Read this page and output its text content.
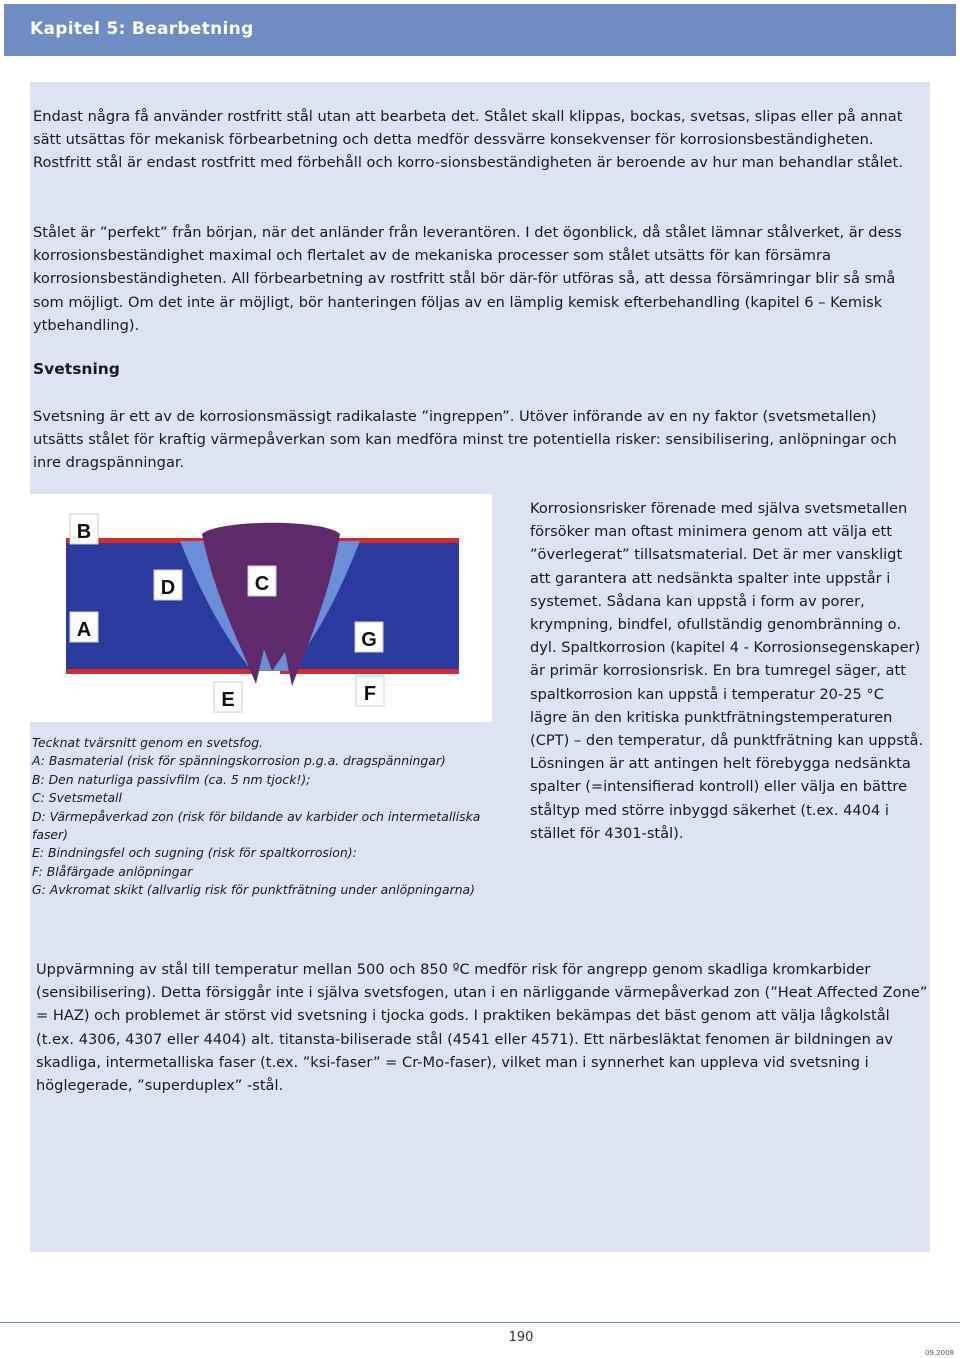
Kapitel 5: Bearbetning

Endast några få använder rostfritt stål utan att bearbeta det. Stålet skall klippas, bockas, svetsas, slipas eller på annat sätt utsättas för mekanisk förbearbetning och detta medför dessvärre konsekvenser för korrosionsbeständigheten. Rostfritt stål är endast rostfritt med förbehåll och korro-sionsbeständigheten är beroende av hur man behandlar stålet.

Stålet är ”perfekt” från början, när det anländer från leverantören. I det ögonblick, då stålet lämnar stålverket, är dess korrosionsbeständighet maximal och flertalet av de mekaniska processer som stålet utsätts för kan försämra korrosionsbeständigheten. All förbearbetning av rostfritt stål bör där-för utföras så, att dessa försämringar blir så små som möjligt. Om det inte är möjligt, bör hanteringen följas av en lämplig kemisk efterbehandling (kapitel 6 – Kemisk ytbehandling).

Svetsning

Svetsning är ett av de korrosionsmässigt radikalaste ”ingreppen”. Utöver införande av en ny faktor (svetsmetallen) utsätts stålet för kraftig värmepåverkan som kan medföra minst tre potentiella risker: sensibilisering, anlöpningar och inre dragspänningar.

B
A
D	C
G
E	F
Tecknat tvärsnitt genom en svetsfog.
A: Basmaterial (risk för spänningskorrosion p.g.a. dragspänningar)
B: Den naturliga passivfilm (ca. 5 nm tjock!);
C: Svetsmetall
D: Värmepåverkad zon (risk för bildande av karbider och intermetalliska faser)
E: Bindningsfel och sugning (risk för spaltkorrosion):
F: Blåfärgade anlöpningar
G: Avkromat skikt (allvarlig risk för punktfrätning under anlöpningarna)

Korrosionsrisker förenade med själva svetsmetallen försöker man oftast minimera genom att välja ett ”överlegerat” tillsatsmaterial. Det är mer vanskligt att garantera att nedsänkta spalter inte uppstår i systemet. Sådana kan uppstå i form av porer, krympning, bindfel, ofullständig genombränning o. dyl. Spaltkorrosion (kapitel 4 - Korrosionsegenskaper) är primär korrosionsrisk. En bra tumregel säger, att spaltkorrosion kan uppstå i temperatur 20-25 °C lägre än den kritiska punktfrätningstemperaturen (CPT) – den temperatur, då punktfrätning kan uppstå. Lösningen är att antingen helt förebygga nedsänkta spalter (=intensifierad kontroll) eller välja en bättre ståltyp med större inbyggd säkerhet (t.ex. 4404 i stället för 4301-stål).

Uppvärmning av stål till temperatur mellan 500 och 850 ºC medför risk för angrepp genom skadliga kromkarbider (sensibilisering). Detta försiggår inte i själva svetsfogen, utan i en närliggande värmepåverkad zon (”Heat Affected Zone” = HAZ) och problemet är störst vid svetsning i tjocka gods. I praktiken bekämpas det bäst genom att välja lågkolstål (t.ex. 4306, 4307 eller 4404) alt. titansta-biliserade stål (4541 eller 4571). Ett närbesläktat fenomen är bildningen av skadliga, intermetalliska faser (t.ex. ”ksi-faser” = Cr-Mo-faser), vilket man i synnerhet kan uppleva vid svetsning i höglegerade, ”superduplex” -stål.

190
09.2008
